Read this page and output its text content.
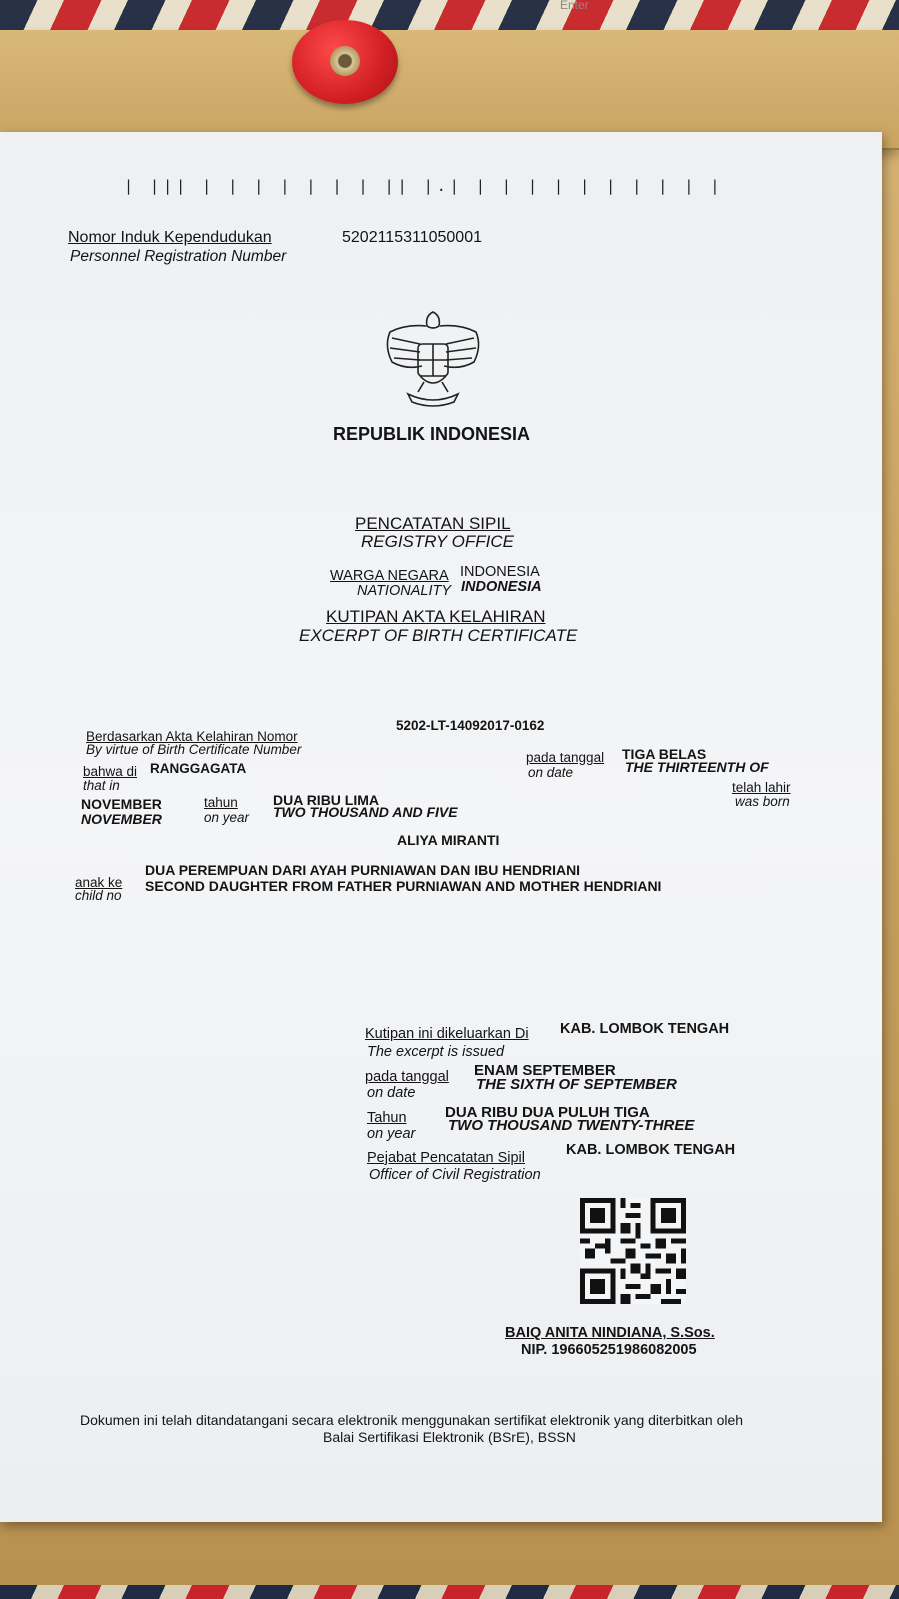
Enter
| ||| | | | | | | | || |.| | | | | | | | | | |
Nomor Induk Kependudukan
Personnel Registration Number
5202115311050001
REPUBLIK INDONESIA
PENCATATAN SIPIL
REGISTRY OFFICE
WARGA NEGARA INDONESIA
NATIONALITY INDONESIA
KUTIPAN AKTA KELAHIRAN
EXCERPT OF BIRTH CERTIFICATE
Berdasarkan Akta Kelahiran Nomor
By virtue of Birth Certificate Number
5202-LT-14092017-0162
bahwa di RANGGAGATA
that in
pada tanggal
on date
TIGA BELAS
THE THIRTEENTH OF
telah lahir
was born
NOVEMBER
NOVEMBER
tahun
on year
DUA RIBU LIMA
TWO THOUSAND AND FIVE
ALIYA MIRANTI
anak ke
child no
DUA PEREMPUAN DARI AYAH PURNIAWAN DAN IBU HENDRIANI
SECOND DAUGHTER FROM FATHER PURNIAWAN AND MOTHER HENDRIANI
Kutipan ini dikeluarkan Di
The excerpt is issued
KAB. LOMBOK TENGAH
pada tanggal
on date
ENAM SEPTEMBER
THE SIXTH OF SEPTEMBER
Tahun
on year
DUA RIBU DUA PULUH TIGA
TWO THOUSAND TWENTY-THREE
Pejabat Pencatatan Sipil
Officer of Civil Registration
KAB. LOMBOK TENGAH
BAIQ ANITA NINDIANA, S.Sos.
NIP. 196605251986082005
Dokumen ini telah ditandatangani secara elektronik menggunakan sertifikat elektronik yang diterbitkan oleh
Balai Sertifikasi Elektronik (BSrE), BSSN
